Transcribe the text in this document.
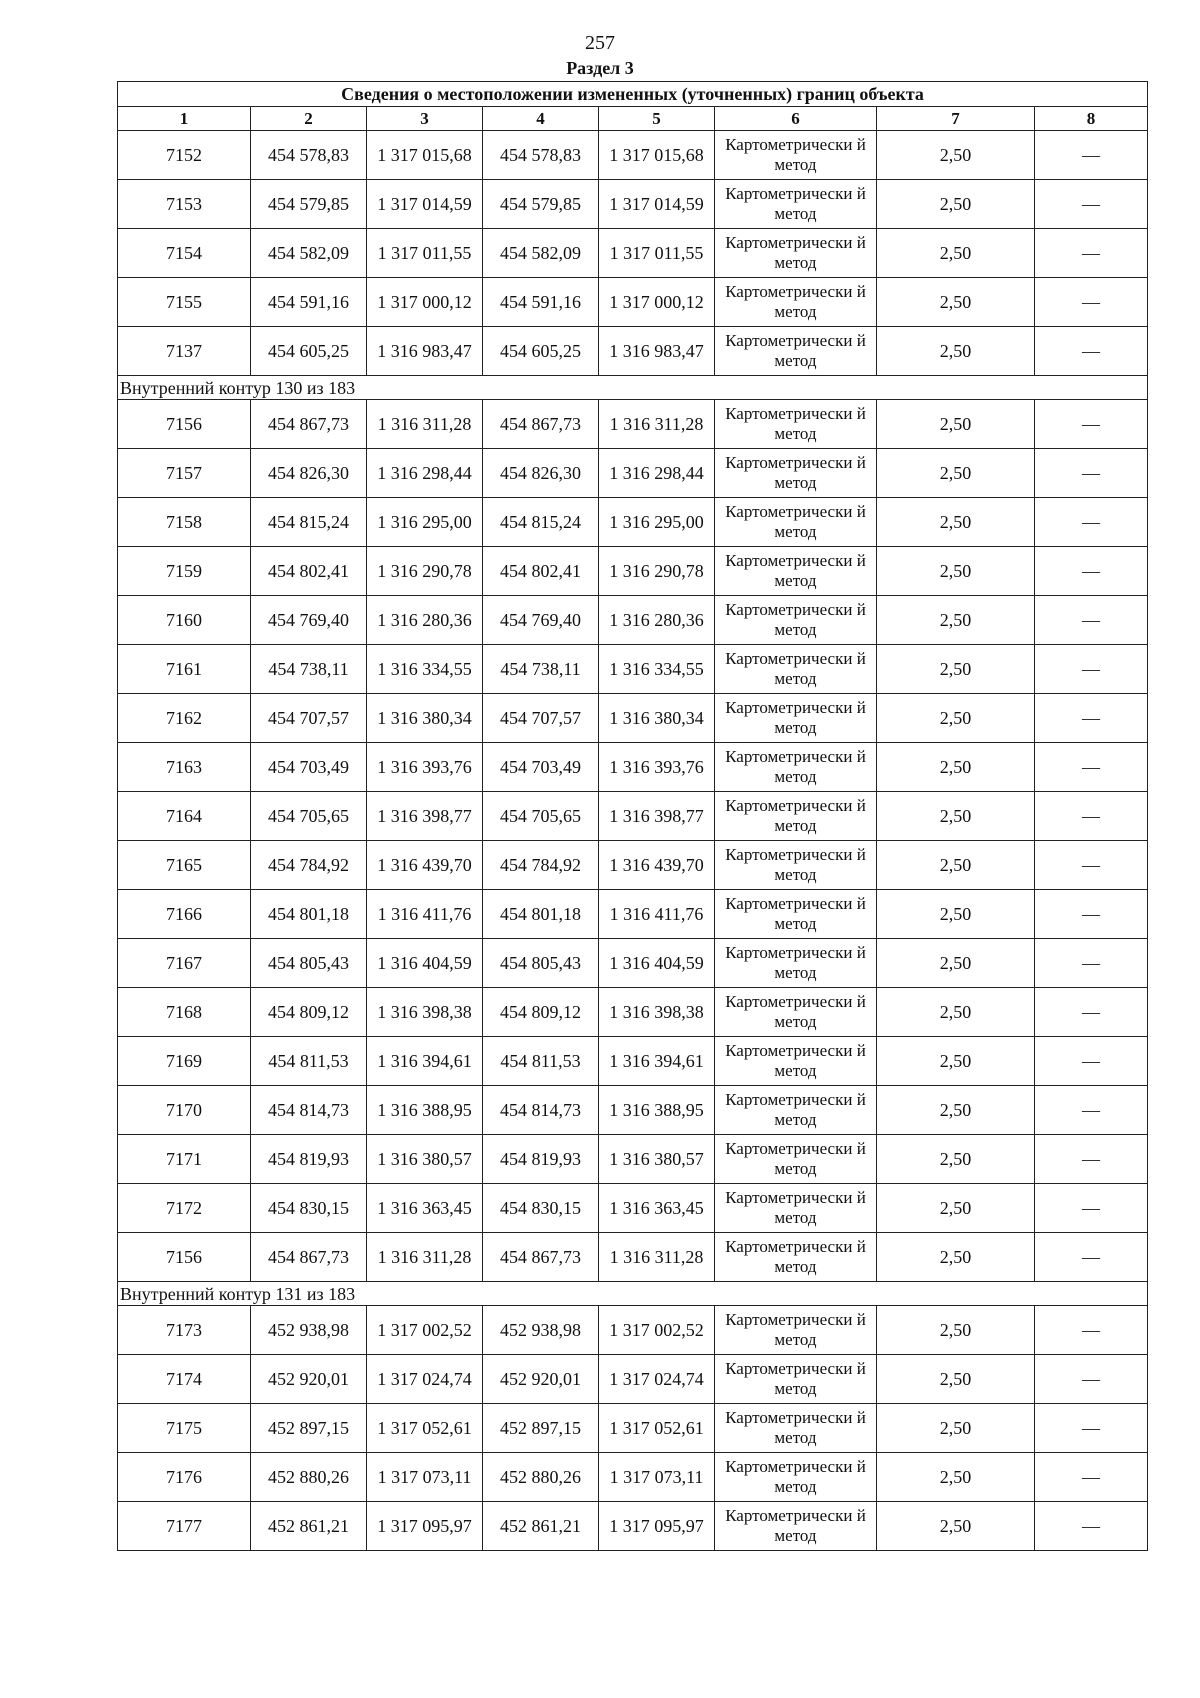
257
Раздел 3
Сведения о местоположении измененных (уточненных) границ объекта							
1	2	3	4	5	6	7	8
7152	454 578,83	1 317 015,68	454 578,83	1 317 015,68	Картометрически й метод	2,50	—
7153	454 579,85	1 317 014,59	454 579,85	1 317 014,59	Картометрически й метод	2,50	—
7154	454 582,09	1 317 011,55	454 582,09	1 317 011,55	Картометрически й метод	2,50	—
7155	454 591,16	1 317 000,12	454 591,16	1 317 000,12	Картометрически й метод	2,50	—
7137	454 605,25	1 316 983,47	454 605,25	1 316 983,47	Картометрически й метод	2,50	—
Внутренний контур 130 из 183							
7156	454 867,73	1 316 311,28	454 867,73	1 316 311,28	Картометрически й метод	2,50	—
7157	454 826,30	1 316 298,44	454 826,30	1 316 298,44	Картометрически й метод	2,50	—
7158	454 815,24	1 316 295,00	454 815,24	1 316 295,00	Картометрически й метод	2,50	—
7159	454 802,41	1 316 290,78	454 802,41	1 316 290,78	Картометрически й метод	2,50	—
7160	454 769,40	1 316 280,36	454 769,40	1 316 280,36	Картометрически й метод	2,50	—
7161	454 738,11	1 316 334,55	454 738,11	1 316 334,55	Картометрически й метод	2,50	—
7162	454 707,57	1 316 380,34	454 707,57	1 316 380,34	Картометрически й метод	2,50	—
7163	454 703,49	1 316 393,76	454 703,49	1 316 393,76	Картометрически й метод	2,50	—
7164	454 705,65	1 316 398,77	454 705,65	1 316 398,77	Картометрически й метод	2,50	—
7165	454 784,92	1 316 439,70	454 784,92	1 316 439,70	Картометрически й метод	2,50	—
7166	454 801,18	1 316 411,76	454 801,18	1 316 411,76	Картометрически й метод	2,50	—
7167	454 805,43	1 316 404,59	454 805,43	1 316 404,59	Картометрически й метод	2,50	—
7168	454 809,12	1 316 398,38	454 809,12	1 316 398,38	Картометрически й метод	2,50	—
7169	454 811,53	1 316 394,61	454 811,53	1 316 394,61	Картометрически й метод	2,50	—
7170	454 814,73	1 316 388,95	454 814,73	1 316 388,95	Картометрически й метод	2,50	—
7171	454 819,93	1 316 380,57	454 819,93	1 316 380,57	Картометрически й метод	2,50	—
7172	454 830,15	1 316 363,45	454 830,15	1 316 363,45	Картометрически й метод	2,50	—
7156	454 867,73	1 316 311,28	454 867,73	1 316 311,28	Картометрически й метод	2,50	—
Внутренний контур 131 из 183							
7173	452 938,98	1 317 002,52	452 938,98	1 317 002,52	Картометрически й метод	2,50	—
7174	452 920,01	1 317 024,74	452 920,01	1 317 024,74	Картометрически й метод	2,50	—
7175	452 897,15	1 317 052,61	452 897,15	1 317 052,61	Картометрически й метод	2,50	—
7176	452 880,26	1 317 073,11	452 880,26	1 317 073,11	Картометрически й метод	2,50	—
7177	452 861,21	1 317 095,97	452 861,21	1 317 095,97	Картометрически й метод	2,50	—
